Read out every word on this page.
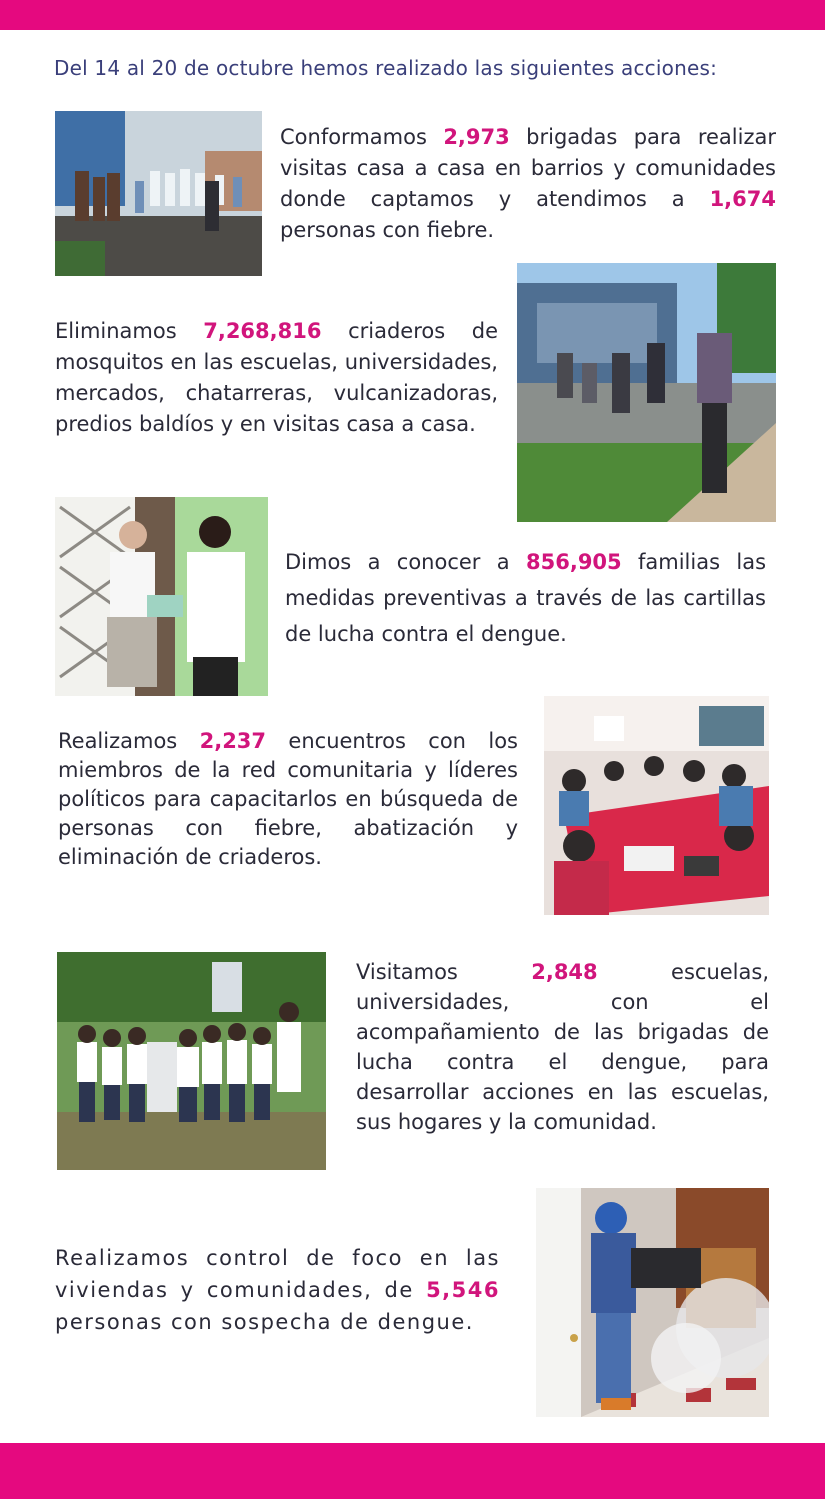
Del 14 al 20 de octubre hemos realizado las siguientes acciones:
Conformamos 2,973 brigadas para realizar visitas casa a casa en barrios y comunidades donde captamos y atendimos a 1,674 personas con fiebre.
Eliminamos 7,268,816 criaderos de mosquitos en las escuelas, universidades, mercados, chatarreras, vulcanizadoras, predios baldíos y en visitas casa a casa.
Dimos a conocer a 856,905 familias las medidas preventivas a través de las cartillas de lucha contra el dengue.
Realizamos 2,237 encuentros con los miembros de la red comunitaria y líderes políticos para capacitarlos en búsqueda de personas con fiebre, abatización y eliminación de criaderos.
Visitamos 2,848 escuelas, universidades, con el acompañamiento de las brigadas de lucha contra el dengue, para desarrollar acciones en las escuelas, sus hogares y la comunidad.
Realizamos control de foco en las viviendas y comunidades, de 5,546 personas con sospecha de dengue.
